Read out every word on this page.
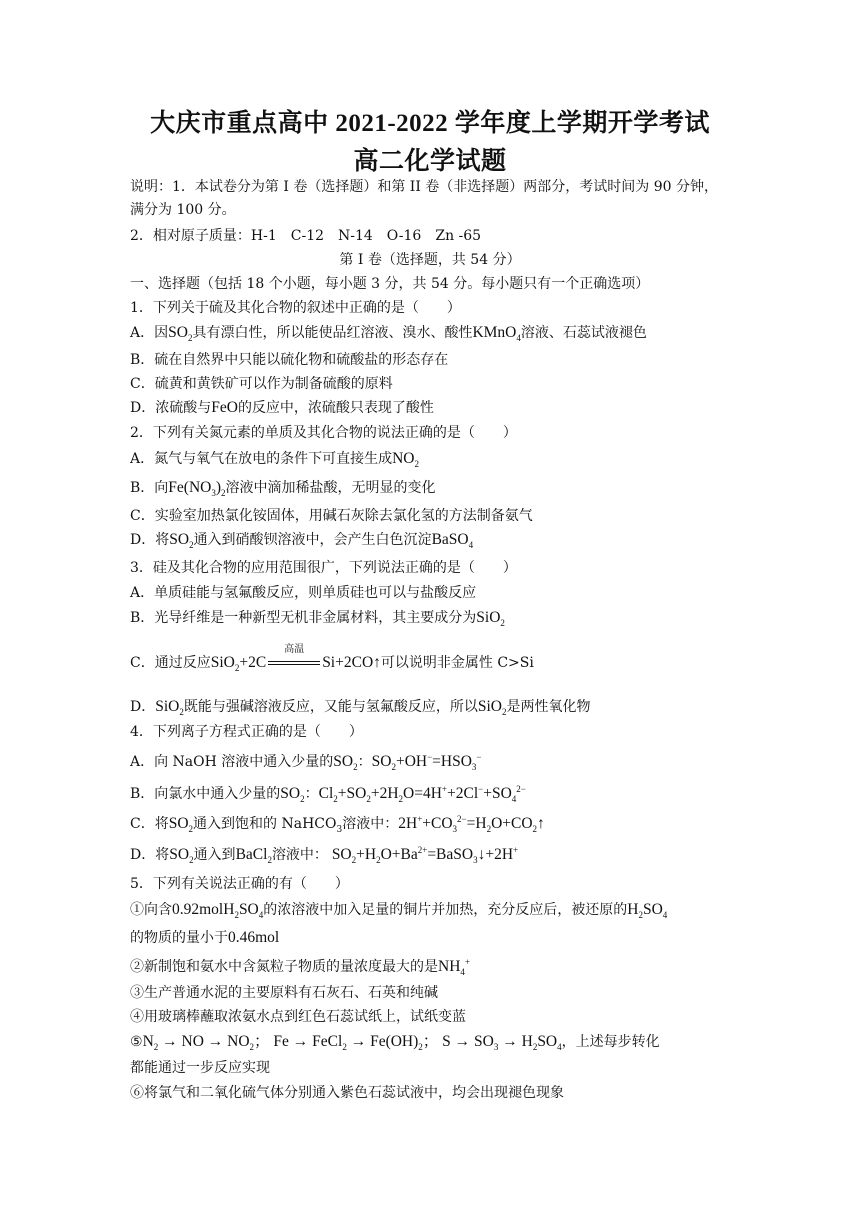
大庆市重点高中 2021-2022 学年度上学期开学考试
高二化学试题
说明：1．本试卷分为第 I 卷（选择题）和第 II 卷（非选择题）两部分，考试时间为 90 分钟，
满分为 100 分。
2．相对原子质量：H-1　C-12　N-14　O-16　Zn -65
第 I 卷（选择题，共 54 分）
一、选择题（包括 18 个小题，每小题 3 分，共 54 分。每小题只有一个正确选项）
1．下列关于硫及其化合物的叙述中正确的是（　　）
A．因$SO_2$具有漂白性，所以能使品红溶液、溴水、酸性KMnO$_4$溶液、石蕊试液褪色
B．硫在自然界中只能以硫化物和硫酸盐的形态存在
C．硫黄和黄铁矿可以作为制备硫酸的原料
D．浓硫酸与FeO的反应中，浓硫酸只表现了酸性
2．下列有关氮元素的单质及其化合物的说法正确的是（　　）
A．氮气与氧气在放电的条件下可直接生成$NO_2$
B．向$Fe(NO_3)_2$溶液中滴加稀盐酸，无明显的变化
C．实验室加热氯化铵固体，用碱石灰除去氯化氢的方法制备氨气
D．将$SO_2$通入到硝酸钡溶液中，会产生白色沉淀BaSO$_4$
3．硅及其化合物的应用范围很广，下列说法正确的是（　　）
A．单质硅能与氢氟酸反应，则单质硅也可以与盐酸反应
B．光导纤维是一种新型无机非金属材料，其主要成分为SiO$_2$
C．通过反应SiO$_2$+2C
高温
Si+2CO↑可以说明非金属性 C>Si
D．SiO$_2$既能与强碱溶液反应，又能与氢氟酸反应，所以SiO$_2$是两性氧化物
4．下列离子方程式正确的是（　　）
A．向 NaOH 溶液中通入少量的$SO_2$：$SO_2+OH^-=HSO_3^-$
B．向氯水中通入少量的$SO_2$：$Cl_2+SO_2+2H_2O=4H^++2Cl^-+SO_4^{2-}$
C．将$SO_2$通入到饱和的 NaHCO$_3$溶液中：$2H^++CO_3^{2-}=H_2O+CO_2↑$
D．将$SO_2$通入到BaCl$_2$溶液中： $SO_2+H_2O+Ba^{2+}=BaSO_3↓+2H^+$
5．下列有关说法正确的有（　　）
①向含$0.92molH_2SO_4$的浓溶液中加入足量的铜片并加热，充分反应后，被还原的$H_2SO_4$
的物质的量小于0.46mol
②新制饱和氨水中含氮粒子物质的量浓度最大的是$NH_4^+$
③生产普通水泥的主要原料有石灰石、石英和纯碱
④用玻璃棒蘸取浓氨水点到红色石蕊试纸上，试纸变蓝
$⑤N_2$ → NO → $NO_2$； Fe → FeCl$_2$ → $Fe(OH)_2$； $S \to SO_3 \to H_2SO_4$，上述每步转化
都能通过一步反应实现
⑥将氯气和二氧化硫气体分别通入紫色石蕊试液中，均会出现褪色现象
